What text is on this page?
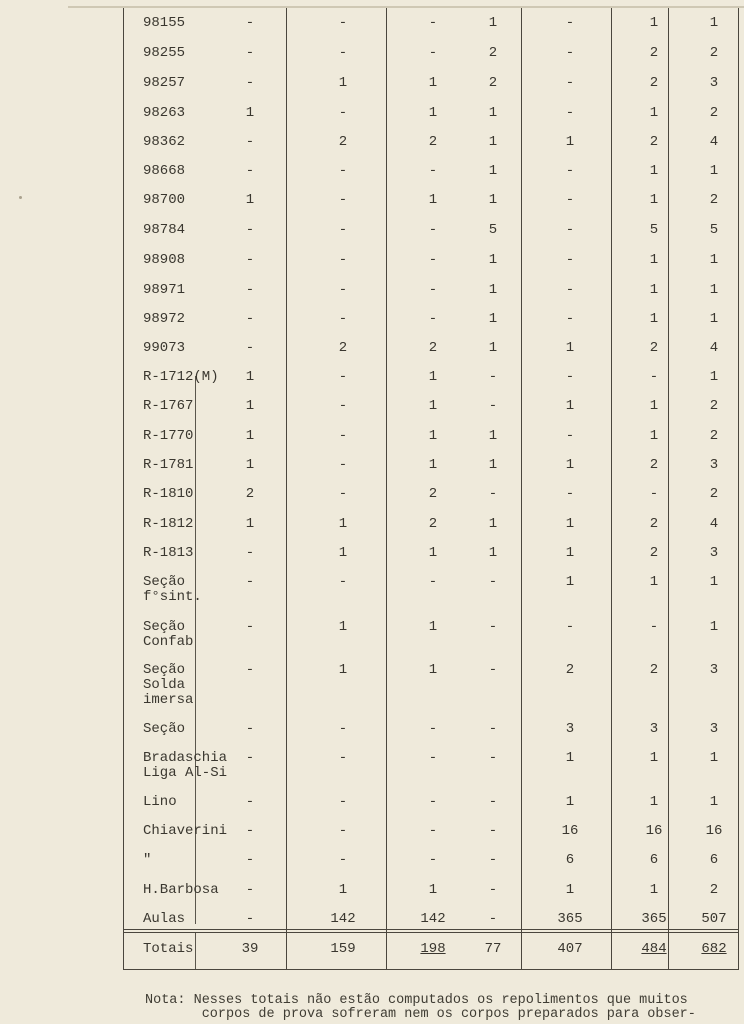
98155	-	-	-	1	-	1	1
98255	-	-	-	2	-	2	2
98257	-	1	1	2	-	2	3
98263	1	-	1	1	-	1	2
98362	-	2	2	1	1	2	4
98668	-	-	-	1	-	1	1
98700	1	-	1	1	-	1	2
98784	-	-	-	5	-	5	5
98908	-	-	-	1	-	1	1
98971	-	-	-	1	-	1	1
98972	-	-	-	1	-	1	1
99073	-	2	2	1	1	2	4
R-1712(M)	1	-	1	-	-	-	1
R-1767	1	-	1	-	1	1	2
R-1770	1	-	1	1	-	1	2
R-1781	1	-	1	1	1	2	3
R-1810	2	-	2	-	-	-	2
R-1812	1	1	2	1	1	2	4
R-1813	-	1	1	1	1	2	3
Seção
f°sint.
-	-	-	-	1	1	1
Seção
Confab
-	1	1	-	-	-	1
Seção
Solda
imersa
-	1	1	-	2	2	3
Seção	-	-	-	-	3	3	3
Bradaschia
Liga Al-Si
-	-	-	-	1	1	1
Lino	-	-	-	-	1	1	1
Chiaverini	-	-	-	-	16	16	16
"	-	-	-	-	6	6	6
H.Barbosa	-	1	1	-	1	1	2
Aulas	-	142	142	-	365	365 507
Totais	39	159	198	77	407	484 682
Nota: Nesses totais não estão computados os repolimentos que muitos
corpos de prova sofreram nem os corpos preparados para obser-
